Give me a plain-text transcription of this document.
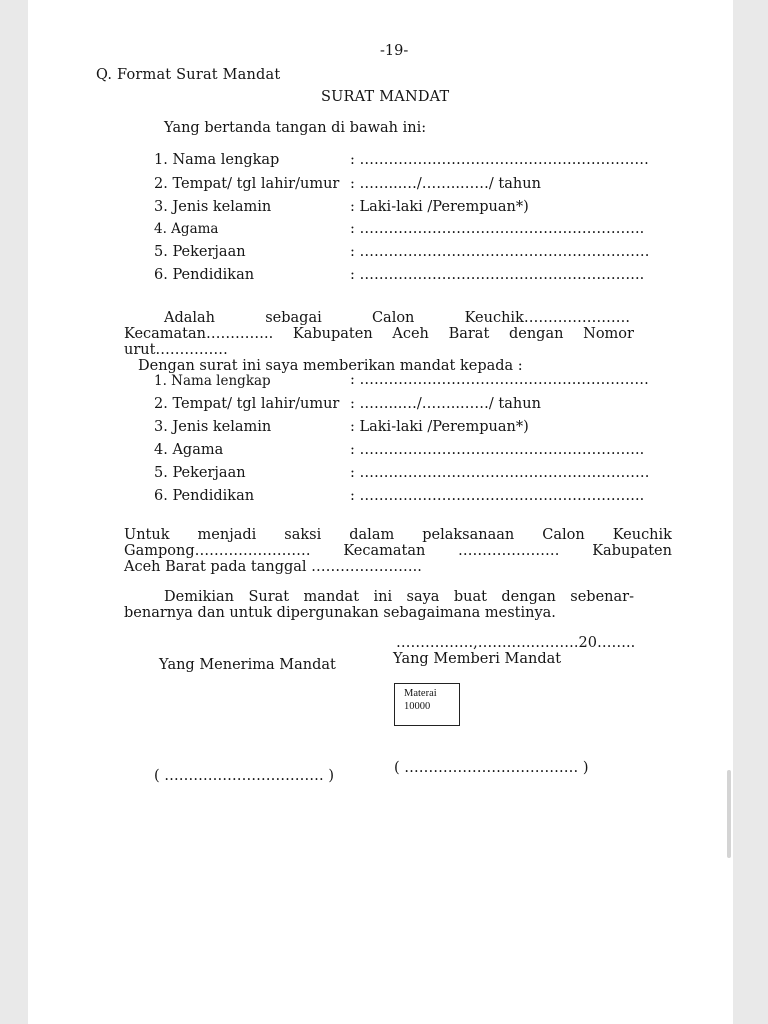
-19-
Q. Format Surat Mandat
SURAT MANDAT
Yang bertanda tangan di bawah ini:
1. Nama lengkap	: …………….……………….……….……………
2. Tempat/ tgl lahir/umur : ……...…/……..……/ tahun
3. Jenis kelamin	: Laki-laki /Perempuan*)
4. Agama	: …………………………………………………..
5. Pekerjaan	: ……………………………………………………
6. Pendidikan	: …………………………………………………..
Adalah	sebagai	Calon	Keuchik………………….
Kecamatan………….. Kabupaten Aceh Barat dengan Nomor
urut……………
Dengan surat ini saya memberikan mandat kepada :
1. Nama lengkap	: …………….……………….……….……………
2. Tempat/ tgl lahir/umur : ……...…/……..……/ tahun
3. Jenis kelamin	: Laki-laki /Perempuan*)
4. Agama	: …………………………………………………..
5. Pekerjaan	: ……………………………………………………
6. Pendidikan	: …………………………………………………..
Untuk menjadi saksi dalam pelaksanaan Calon Keuchik
Gampong…………………… Kecamatan ………………… Kabupaten
Aceh Barat pada tanggal …………………..
Demikian Surat mandat ini saya buat dengan sebenar-
benarnya dan untuk dipergunakan sebagaimana mestinya.
…………….,…….….……….20……..
Yang Menerima Mandat	Yang Memberi Mandat
Materai
10000
( …………………………… )	( ……………………………… )
